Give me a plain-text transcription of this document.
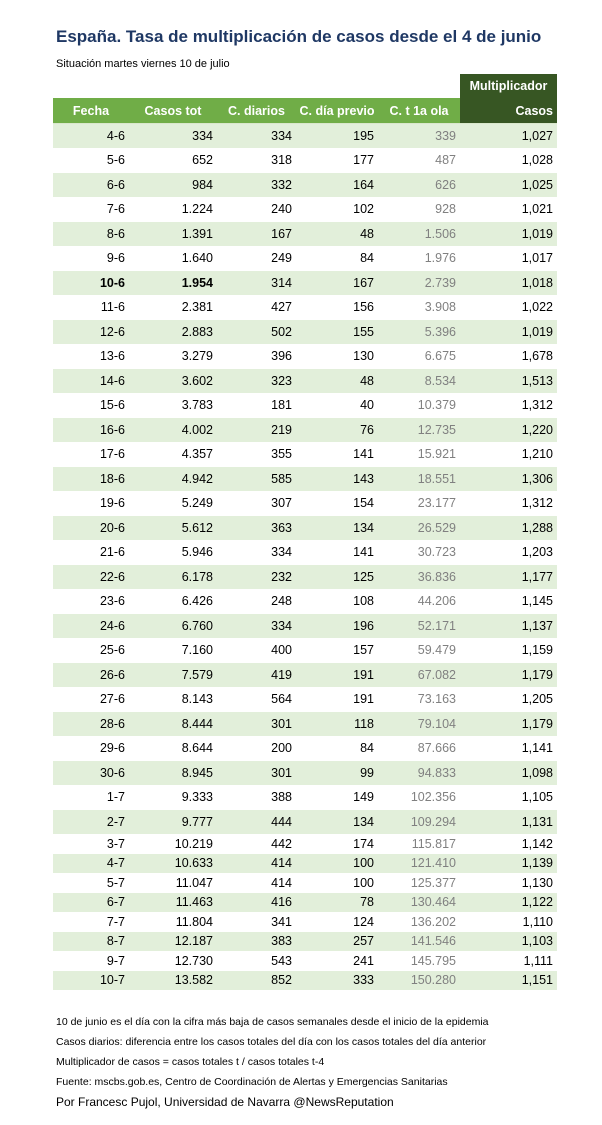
España. Tasa de multiplicación de casos desde el 4 de junio
Situación martes viernes 10 de julio
Multiplicador
Fecha	Casos tot	C. diarios	C. día previo	C. t 1a ola	Casos
4-6	334	334	195	339	1,027
5-6	652	318	177	487	1,028
6-6	984	332	164	626	1,025
7-6	1.224	240	102	928	1,021
8-6	1.391	167	48	1.506	1,019
9-6	1.640	249	84	1.976	1,017
10-6	1.954	314	167	2.739	1,018
11-6	2.381	427	156	3.908	1,022
12-6	2.883	502	155	5.396	1,019
13-6	3.279	396	130	6.675	1,678
14-6	3.602	323	48	8.534	1,513
15-6	3.783	181	40	10.379	1,312
16-6	4.002	219	76	12.735	1,220
17-6	4.357	355	141	15.921	1,210
18-6	4.942	585	143	18.551	1,306
19-6	5.249	307	154	23.177	1,312
20-6	5.612	363	134	26.529	1,288
21-6	5.946	334	141	30.723	1,203
22-6	6.178	232	125	36.836	1,177
23-6	6.426	248	108	44.206	1,145
24-6	6.760	334	196	52.171	1,137
25-6	7.160	400	157	59.479	1,159
26-6	7.579	419	191	67.082	1,179
27-6	8.143	564	191	73.163	1,205
28-6	8.444	301	118	79.104	1,179
29-6	8.644	200	84	87.666	1,141
30-6	8.945	301	99	94.833	1,098
1-7	9.333	388	149	102.356	1,105
2-7	9.777	444	134	109.294	1,131
3-7	10.219	442	174	115.817	1,142
4-7	10.633	414	100	121.410	1,139
5-7	11.047	414	100	125.377	1,130
6-7	11.463	416	78	130.464	1,122
7-7	11.804	341	124	136.202	1,110
8-7	12.187	383	257	141.546	1,103
9-7	12.730	543	241	145.795	1,111
10-7	13.582	852	333	150.280	1,151
10 de junio es el día con la cifra más baja de casos semanales desde el inicio de la epidemia
Casos diarios: diferencia entre los casos totales del día con los casos totales del día anterior
Multiplicador de casos = casos totales t / casos totales t-4
Fuente: mscbs.gob.es, Centro de Coordinación de Alertas y Emergencias Sanitarias
Por Francesc Pujol, Universidad de Navarra @NewsReputation
